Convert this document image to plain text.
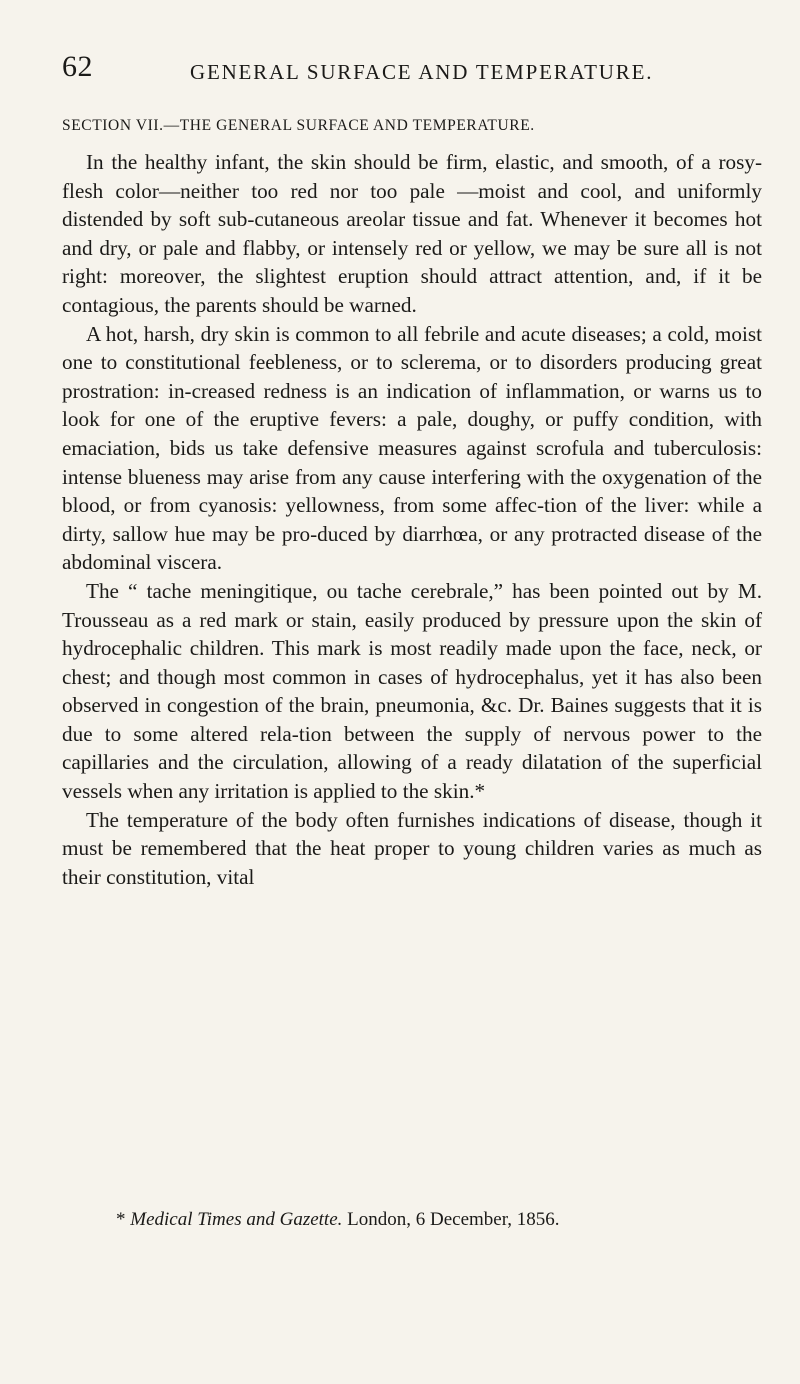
62	GENERAL SURFACE AND TEMPERATURE.
SECTION VII.—THE GENERAL SURFACE AND TEMPERATURE.

In the healthy infant, the skin should be firm, elastic, and smooth, of a rosy-flesh color—neither too red nor too pale —moist and cool, and uniformly distended by soft sub-cutaneous areolar tissue and fat. Whenever it becomes hot and dry, or pale and flabby, or intensely red or yellow, we may be sure all is not right: moreover, the slightest eruption should attract attention, and, if it be contagious, the parents should be warned.

A hot, harsh, dry skin is common to all febrile and acute diseases; a cold, moist one to constitutional feebleness, or to sclerema, or to disorders producing great prostration: in-creased redness is an indication of inflammation, or warns us to look for one of the eruptive fevers: a pale, doughy, or puffy condition, with emaciation, bids us take defensive measures against scrofula and tuberculosis: intense blueness may arise from any cause interfering with the oxygenation of the blood, or from cyanosis: yellowness, from some affec-tion of the liver: while a dirty, sallow hue may be pro-duced by diarrhœa, or any protracted disease of the abdominal viscera.

The “ tache meningitique, ou tache cerebrale,” has been pointed out by M. Trousseau as a red mark or stain, easily produced by pressure upon the skin of hydrocephalic children. This mark is most readily made upon the face, neck, or chest; and though most common in cases of hydrocephalus, yet it has also been observed in congestion of the brain, pneumonia, &c. Dr. Baines suggests that it is due to some altered rela-tion between the supply of nervous power to the capillaries and the circulation, allowing of a ready dilatation of the superficial vessels when any irritation is applied to the skin.*

The temperature of the body often furnishes indications of disease, though it must be remembered that the heat proper to young children varies as much as their constitution, vital

* Medical Times and Gazette. London, 6 December, 1856.
